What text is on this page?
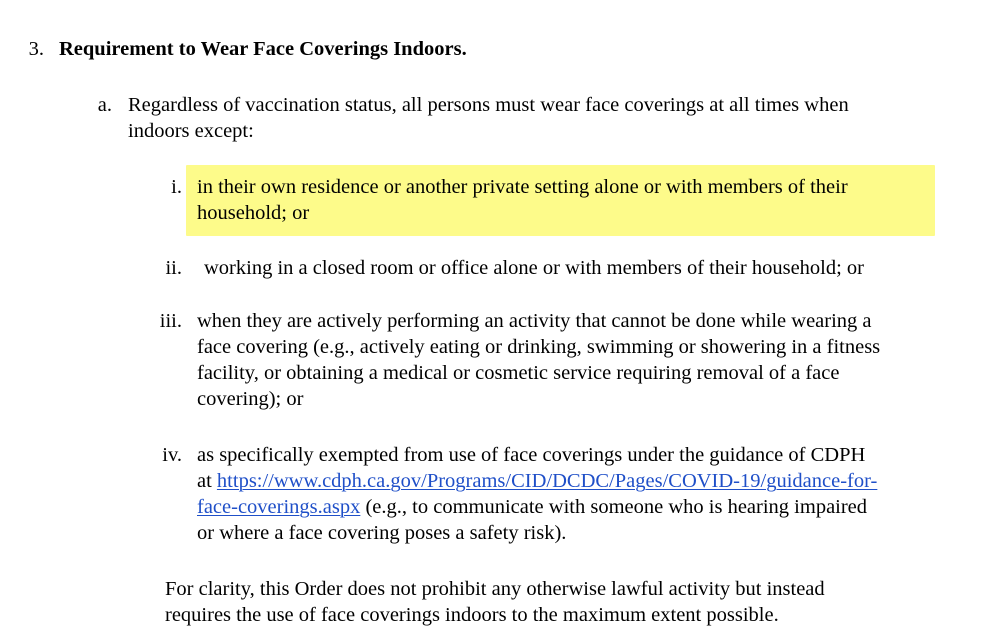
3. Requirement to Wear Face Coverings Indoors.
a. Regardless of vaccination status, all persons must wear face coverings at all times when
indoors except:
i. in their own residence or another private setting alone or with members of their
household; or
ii. working in a closed room or office alone or with members of their household; or
iii. when they are actively performing an activity that cannot be done while wearing a
face covering (e.g., actively eating or drinking, swimming or showering in a fitness
facility, or obtaining a medical or cosmetic service requiring removal of a face
covering); or
iv. as specifically exempted from use of face coverings under the guidance of CDPH
at https://www.cdph.ca.gov/Programs/CID/DCDC/Pages/COVID-19/guidance-for-
face-coverings.aspx (e.g., to communicate with someone who is hearing impaired
or where a face covering poses a safety risk).
For clarity, this Order does not prohibit any otherwise lawful activity but instead
requires the use of face coverings indoors to the maximum extent possible.
